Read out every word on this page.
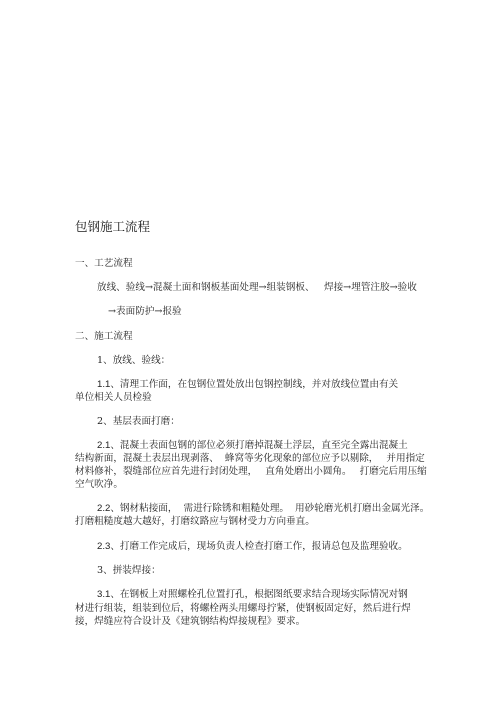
包钢施工流程
一、工艺流程
放线、验线→混凝土面和钢板基面处理→组装钢板、 焊接→埋管注胶→验收
→表面防护→报验
二、施工流程
1、放线、验线：
1.1、清理工作面，在包钢位置处放出包钢控制线，并对放线位置由有关
单位相关人员检验
2、基层表面打磨：
2.1、混凝土表面包钢的部位必须打磨掉混凝土浮层，直至完全露出混凝土
结构新面，混凝土表层出现剥落、 蜂窝等劣化现象的部位应予以剔除， 并用指定
材料修补，裂缝部位应首先进行封闭处理， 直角处磨出小圆角。 打磨完后用压缩
空气吹净。
2.2、钢材粘接面， 需进行除锈和粗糙处理。 用砂轮磨光机打磨出金属光泽。
打磨粗糙度越大越好，打磨纹路应与钢材受力方向垂直。
2.3、打磨工作完成后，现场负责人检查打磨工作，报请总包及监理验收。
3、拼装焊接：
3.1、在钢板上对照螺栓孔位置打孔，根据图纸要求结合现场实际情况对钢
材进行组装，组装到位后，将螺栓两头用螺母拧紧，使钢板固定好，然后进行焊
接，焊缝应符合设计及《建筑钢结构焊接规程》要求。
